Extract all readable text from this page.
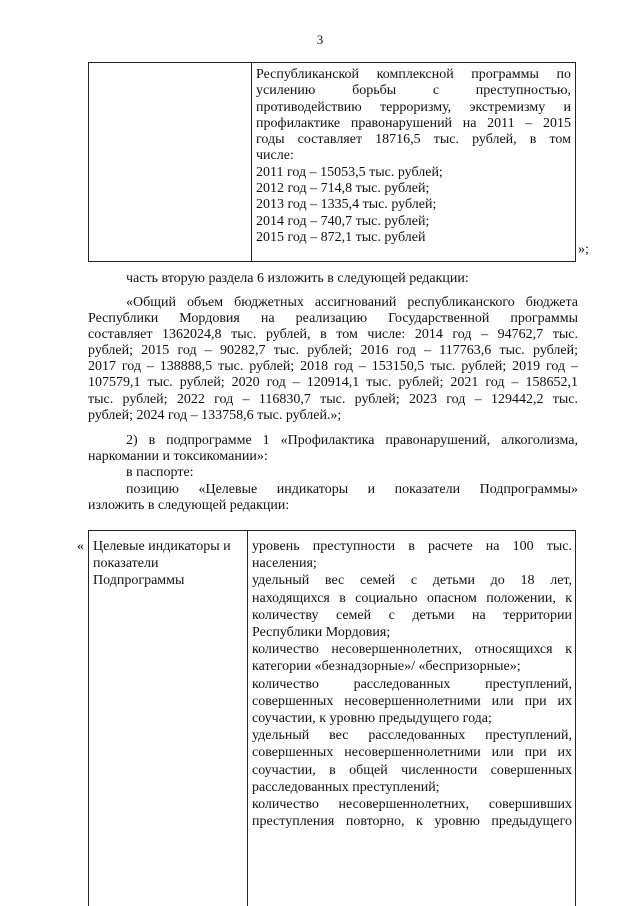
3
Республиканской комплексной программы по
усилению борьбы с преступностью,
противодействию терроризму, экстремизму и
профилактике правонарушений на 2011 – 2015
годы составляет 18716,5 тыс. рублей, в том
числе:
2011 год – 15053,5 тыс. рублей;
2012 год – 714,8 тыс. рублей;
2013 год – 1335,4 тыс. рублей;
2014 год – 740,7 тыс. рублей;
2015 год – 872,1 тыс. рублей
»;
часть вторую раздела 6 изложить в следующей редакции:
«Общий объем бюджетных ассигнований республиканского бюджета
Республики Мордовия на реализацию Государственной программы
составляет 1362024,8 тыс. рублей, в том числе: 2014 год – 94762,7 тыс.
рублей; 2015 год – 90282,7 тыс. рублей; 2016 год – 117763,6 тыс. рублей;
2017 год – 138888,5 тыс. рублей; 2018 год – 153150,5 тыс. рублей; 2019 год –
107579,1 тыс. рублей; 2020 год – 120914,1 тыс. рублей; 2021 год – 158652,1
тыс. рублей; 2022 год – 116830,7 тыс. рублей; 2023 год – 129442,2 тыс.
рублей; 2024 год – 133758,6 тыс. рублей.»;
2) в подпрограмме 1 «Профилактика правонарушений, алкоголизма,
наркомании и токсикомании»:
в паспорте:
позицию «Целевые индикаторы и показатели Подпрограммы»
изложить в следующей редакции:
« Целевые индикаторы и
показатели
Подпрограммы
уровень преступности в расчете на 100 тыс.
населения;
удельный вес семей с детьми до 18 лет,
находящихся в социально опасном положении, к
количеству семей с детьми на территории
Республики Мордовия;
количество несовершеннолетних, относящихся к
категории «безнадзорные»/ «беспризорные»;
количество расследованных преступлений,
совершенных несовершеннолетними или при их
соучастии, к уровню предыдущего года;
удельный вес расследованных преступлений,
совершенных несовершеннолетними или при их
соучастии, в общей численности совершенных
расследованных преступлений;
количество несовершеннолетних, совершивших
преступления повторно, к уровню предыдущего
